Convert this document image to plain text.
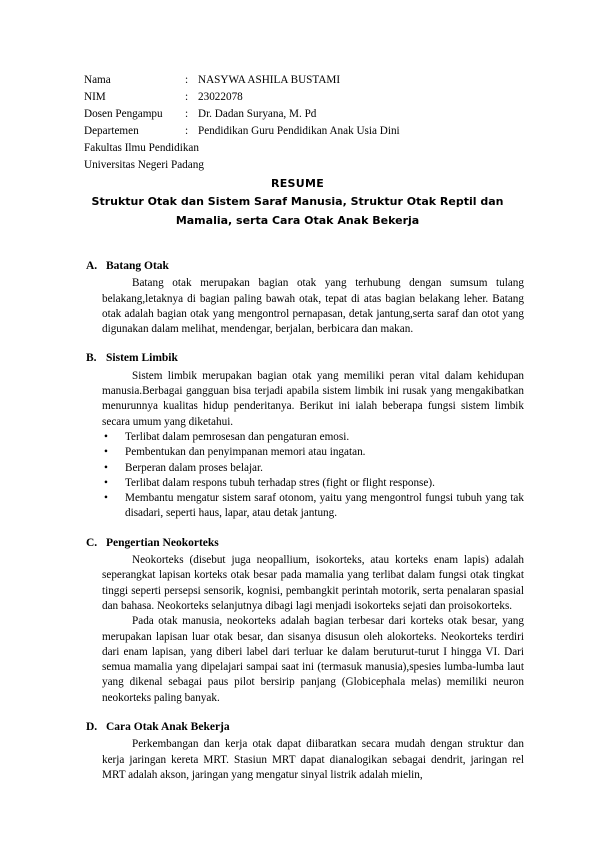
Nama	: NASYWA ASHILA BUSTAMI
NIM	: 23022078
Dosen Pengampu	: Dr. Dadan Suryana, M. Pd
Departemen	: Pendidikan Guru Pendidikan Anak Usia Dini
Fakultas Ilmu Pendidikan
Universitas Negeri Padang
RESUME
Struktur Otak dan Sistem Saraf Manusia, Struktur Otak Reptil dan
Mamalia, serta Cara Otak Anak Bekerja
A. Batang Otak

Batang otak merupakan bagian otak yang terhubung dengan sumsum tulang belakang,letaknya di bagian paling bawah otak, tepat di atas bagian belakang leher. Batang otak adalah bagian otak yang mengontrol pernapasan, detak jantung,serta saraf dan otot yang digunakan dalam melihat, mendengar, berjalan, berbicara dan makan.

B. Sistem Limbik

Sistem limbik merupakan bagian otak yang memiliki peran vital dalam kehidupan manusia.Berbagai gangguan bisa terjadi apabila sistem limbik ini rusak yang mengakibatkan menurunnya kualitas hidup penderitanya. Berikut ini ialah beberapa fungsi sistem limbik secara umum yang diketahui.

•	Terlibat dalam pemrosesan dan pengaturan emosi.
•	Pembentukan dan penyimpanan memori atau ingatan.
•	Berperan dalam proses belajar.
•	Terlibat dalam respons tubuh terhadap stres (fight or flight response).
•	Membantu mengatur sistem saraf otonom, yaitu yang mengontrol fungsi tubuh yang tak disadari, seperti haus, lapar, atau detak jantung.
C. Pengertian Neokorteks

Neokorteks (disebut juga neopallium, isokorteks, atau korteks enam lapis) adalah seperangkat lapisan korteks otak besar pada mamalia yang terlibat dalam fungsi otak tingkat tinggi seperti persepsi sensorik, kognisi, pembangkit perintah motorik, serta penalaran spasial dan bahasa. Neokorteks selanjutnya dibagi lagi menjadi isokorteks sejati dan proisokorteks.

Pada otak manusia, neokorteks adalah bagian terbesar dari korteks otak besar, yang merupakan lapisan luar otak besar, dan sisanya disusun oleh alokorteks. Neokorteks terdiri dari enam lapisan, yang diberi label dari terluar ke dalam beruturut-turut I hingga VI. Dari semua mamalia yang dipelajari sampai saat ini (termasuk manusia),spesies lumba-lumba laut yang dikenal sebagai paus pilot bersirip panjang (Globicephala melas) memiliki neuron neokorteks paling banyak.

D. Cara Otak Anak Bekerja

Perkembangan dan kerja otak dapat diibaratkan secara mudah dengan struktur dan kerja jaringan kereta MRT. Stasiun MRT dapat dianalogikan sebagai dendrit, jaringan rel MRT adalah akson, jaringan yang mengatur sinyal listrik adalah mielin,
